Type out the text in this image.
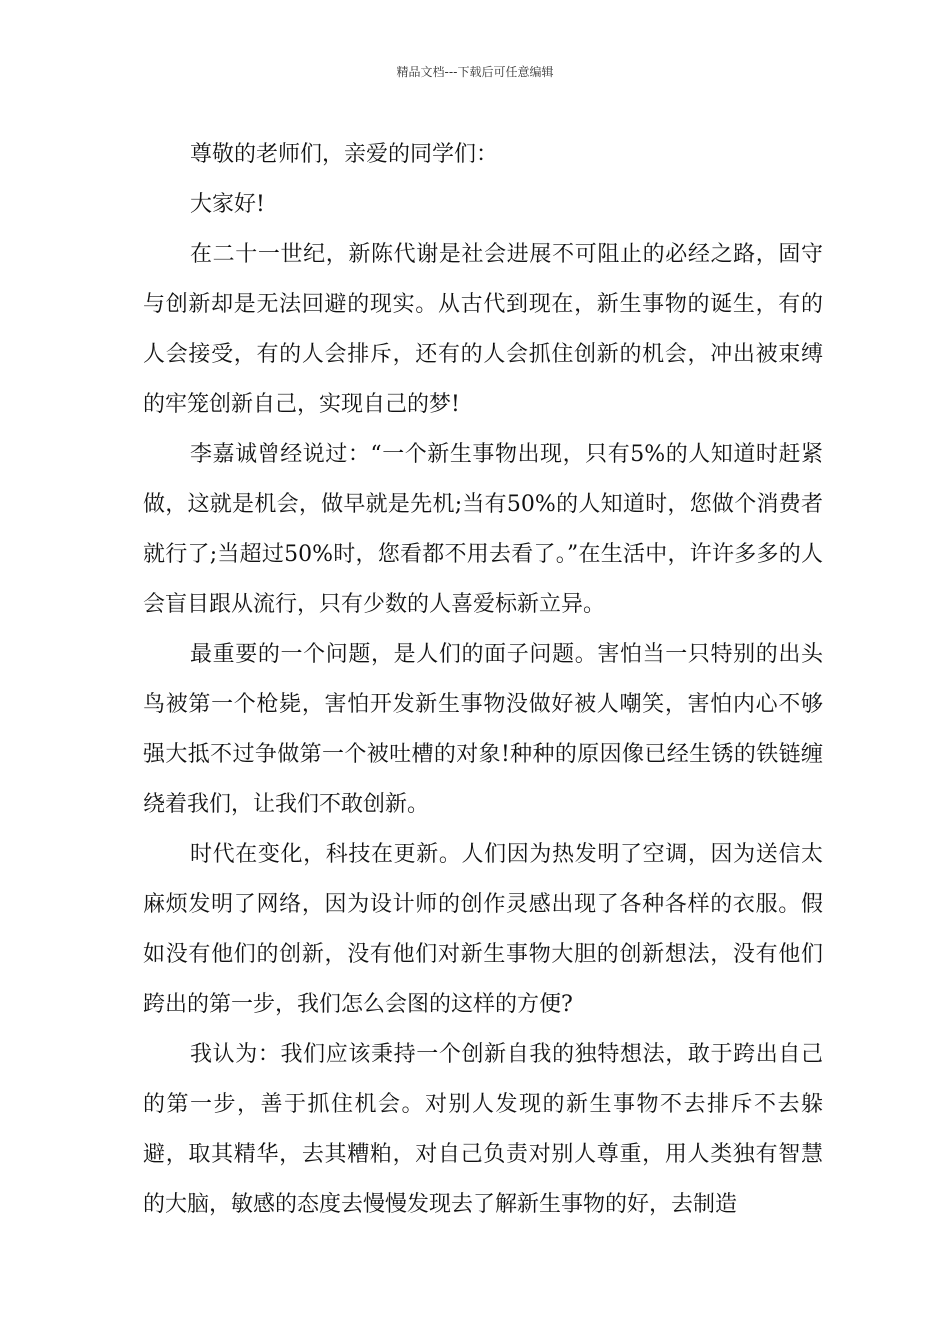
精品文档---下载后可任意编辑

尊敬的老师们，亲爱的同学们：

大家好!

在二十一世纪，新陈代谢是社会进展不可阻止的必经之路，固守与创新却是无法回避的现实。从古代到现在，新生事物的诞生，有的人会接受，有的人会排斥，还有的人会抓住创新的机会，冲出被束缚的牢笼创新自己，实现自己的梦!

李嘉诚曾经说过：“一个新生事物出现，只有5%的人知道时赶紧做，这就是机会，做早就是先机;当有50%的人知道时，您做个消费者就行了;当超过50%时，您看都不用去看了。”在生活中，许许多多的人会盲目跟从流行，只有少数的人喜爱标新立异。

最重要的一个问题，是人们的面子问题。害怕当一只特别的出头鸟被第一个枪毙，害怕开发新生事物没做好被人嘲笑，害怕内心不够强大抵不过争做第一个被吐槽的对象!种种的原因像已经生锈的铁链缠绕着我们，让我们不敢创新。

时代在变化，科技在更新。人们因为热发明了空调，因为送信太麻烦发明了网络，因为设计师的创作灵感出现了各种各样的衣服。假如没有他们的创新，没有他们对新生事物大胆的创新想法，没有他们跨出的第一步，我们怎么会图的这样的方便?

我认为：我们应该秉持一个创新自我的独特想法，敢于跨出自己的第一步，善于抓住机会。对别人发现的新生事物不去排斥不去躲避，取其精华，去其糟粕，对自己负责对别人尊重，用人类独有智慧的大脑，敏感的态度去慢慢发现去了解新生事物的好，去制造
